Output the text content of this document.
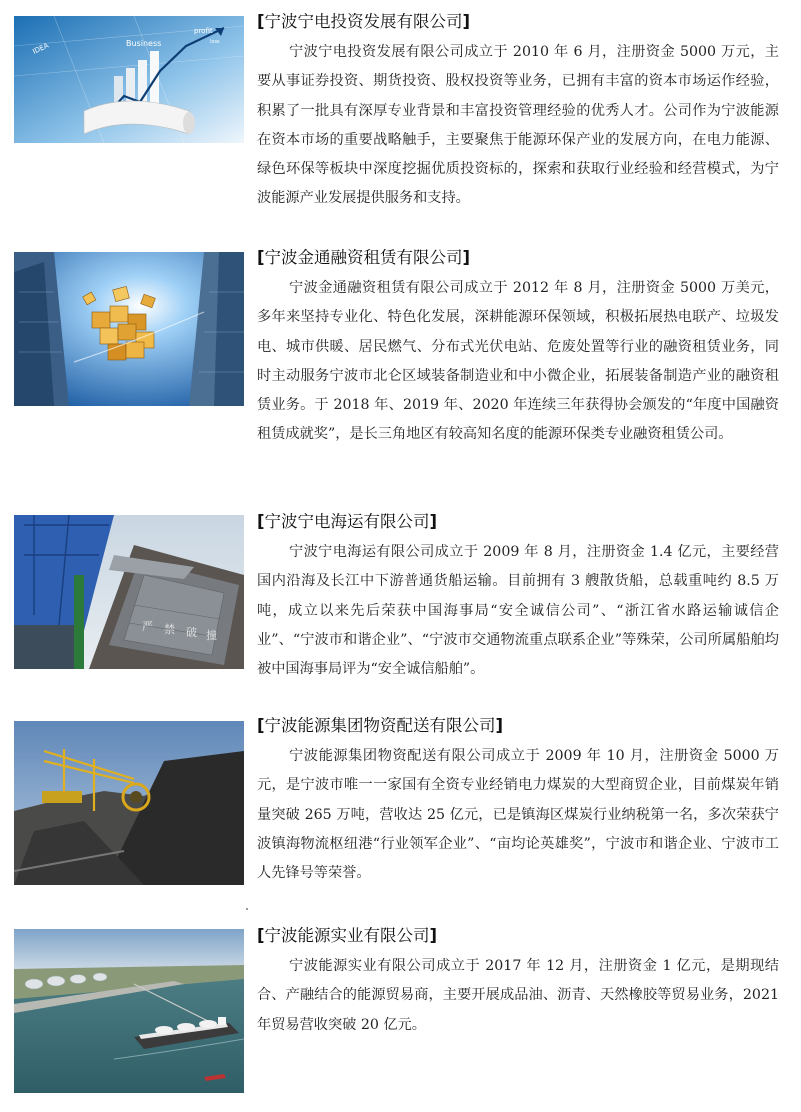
Business
profit
loss
IDEA
[宁波宁电投资发展有限公司]

宁波宁电投资发展有限公司成立于 2010 年 6 月，注册资金 5000 万元，主要从事证券投资、期货投资、股权投资等业务，已拥有丰富的资本市场运作经验，积累了一批具有深厚专业背景和丰富投资管理经验的优秀人才。公司作为宁波能源在资本市场的重要战略触手，主要聚焦于能源环保产业的发展方向，在电力能源、绿色环保等板块中深度挖掘优质投资标的，探索和获取行业经验和经营模式，为宁波能源产业发展提供服务和支持。

[宁波金通融资租赁有限公司]

宁波金通融资租赁有限公司成立于 2012 年 8 月，注册资金 5000 万美元，多年来坚持专业化、特色化发展，深耕能源环保领域，积极拓展热电联产、垃圾发电、城市供暖、居民燃气、分布式光伏电站、危废处置等行业的融资租赁业务，同时主动服务宁波市北仑区域装备制造业和中小微企业，拓展装备制造产业的融资租赁业务。于 2018 年、2019 年、2020 年连续三年获得协会颁发的“年度中国融资租赁成就奖”，是长三角地区有较高知名度的能源环保类专业融资租赁公司。

严 禁 破 撞
[宁波宁电海运有限公司]

宁波宁电海运有限公司成立于 2009 年 8 月，注册资金 1.4 亿元，主要经营国内沿海及长江中下游普通货船运输。目前拥有 3 艘散货船，总载重吨约 8.5 万吨，成立以来先后荣获中国海事局“安全诚信公司”、“浙江省水路运输诚信企业”、“宁波市和谐企业”、“宁波市交通物流重点联系企业”等殊荣，公司所属船舶均被中国海事局评为“安全诚信船舶”。

[宁波能源集团物资配送有限公司]

宁波能源集团物资配送有限公司成立于 2009 年 10 月，注册资金 5000 万元，是宁波市唯一一家国有全资专业经销电力煤炭的大型商贸企业，目前煤炭年销量突破 265 万吨，营收达 25 亿元，已是镇海区煤炭行业纳税第一名，多次荣获宁波镇海物流枢纽港“行业领军企业”、“亩均论英雄奖”，宁波市和谐企业、宁波市工人先锋号等荣誉。

[宁波能源实业有限公司]

宁波能源实业有限公司成立于 2017 年 12 月，注册资金 1 亿元，是期现结合、产融结合的能源贸易商，主要开展成品油、沥青、天然橡胶等贸易业务，2021 年贸易营收突破 20 亿元。
